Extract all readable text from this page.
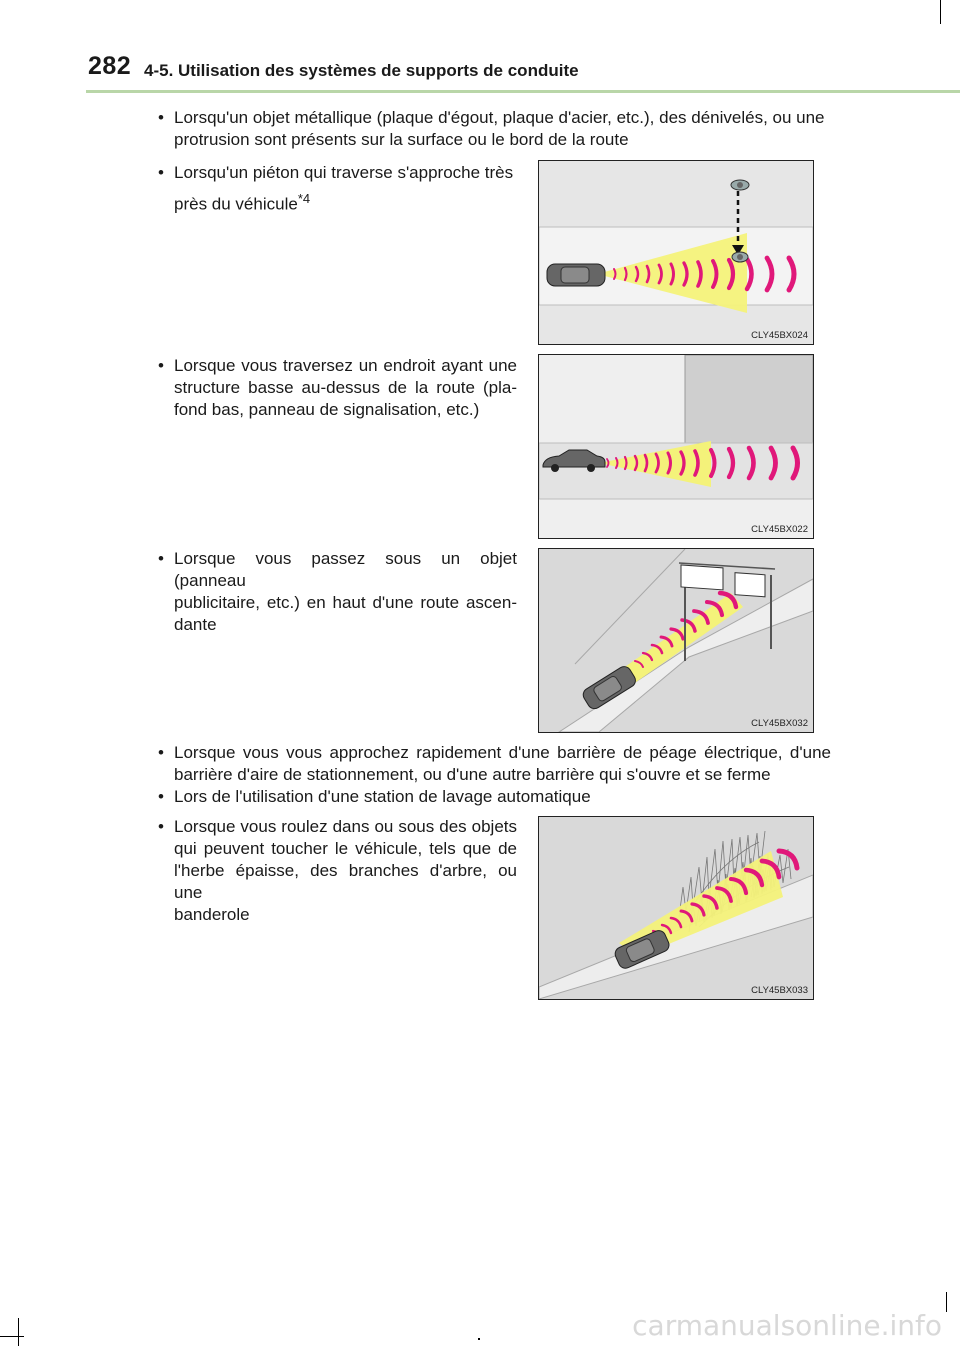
282 4-5. Utilisation des systèmes de supports de conduite
• Lorsqu'un objet métallique (plaque d'égout, plaque d'acier, etc.), des dénivelés, ou une
protrusion sont présents sur la surface ou le bord de la route
• Lorsqu'un piéton qui traverse s'approche très
près du véhicule$^{*4}$
CLY45BX024
• Lorsque vous traversez un endroit ayant une
structure basse au-dessus de la route (pla-
fond bas, panneau de signalisation, etc.)
CLY45BX022
• Lorsque vous passez sous un objet (panneau
publicitaire, etc.) en haut d'une route ascen-
dante
CLY45BX032
• Lorsque vous vous approchez rapidement d'une barrière de péage électrique, d'une
barrière d'aire de stationnement, ou d'une autre barrière qui s'ouvre et se ferme
• Lors de l'utilisation d'une station de lavage automatique
• Lorsque vous roulez dans ou sous des objets
qui peuvent toucher le véhicule, tels que de
l'herbe épaisse, des branches d'arbre, ou une
banderole
CLY45BX033
carmanualsonline.info
